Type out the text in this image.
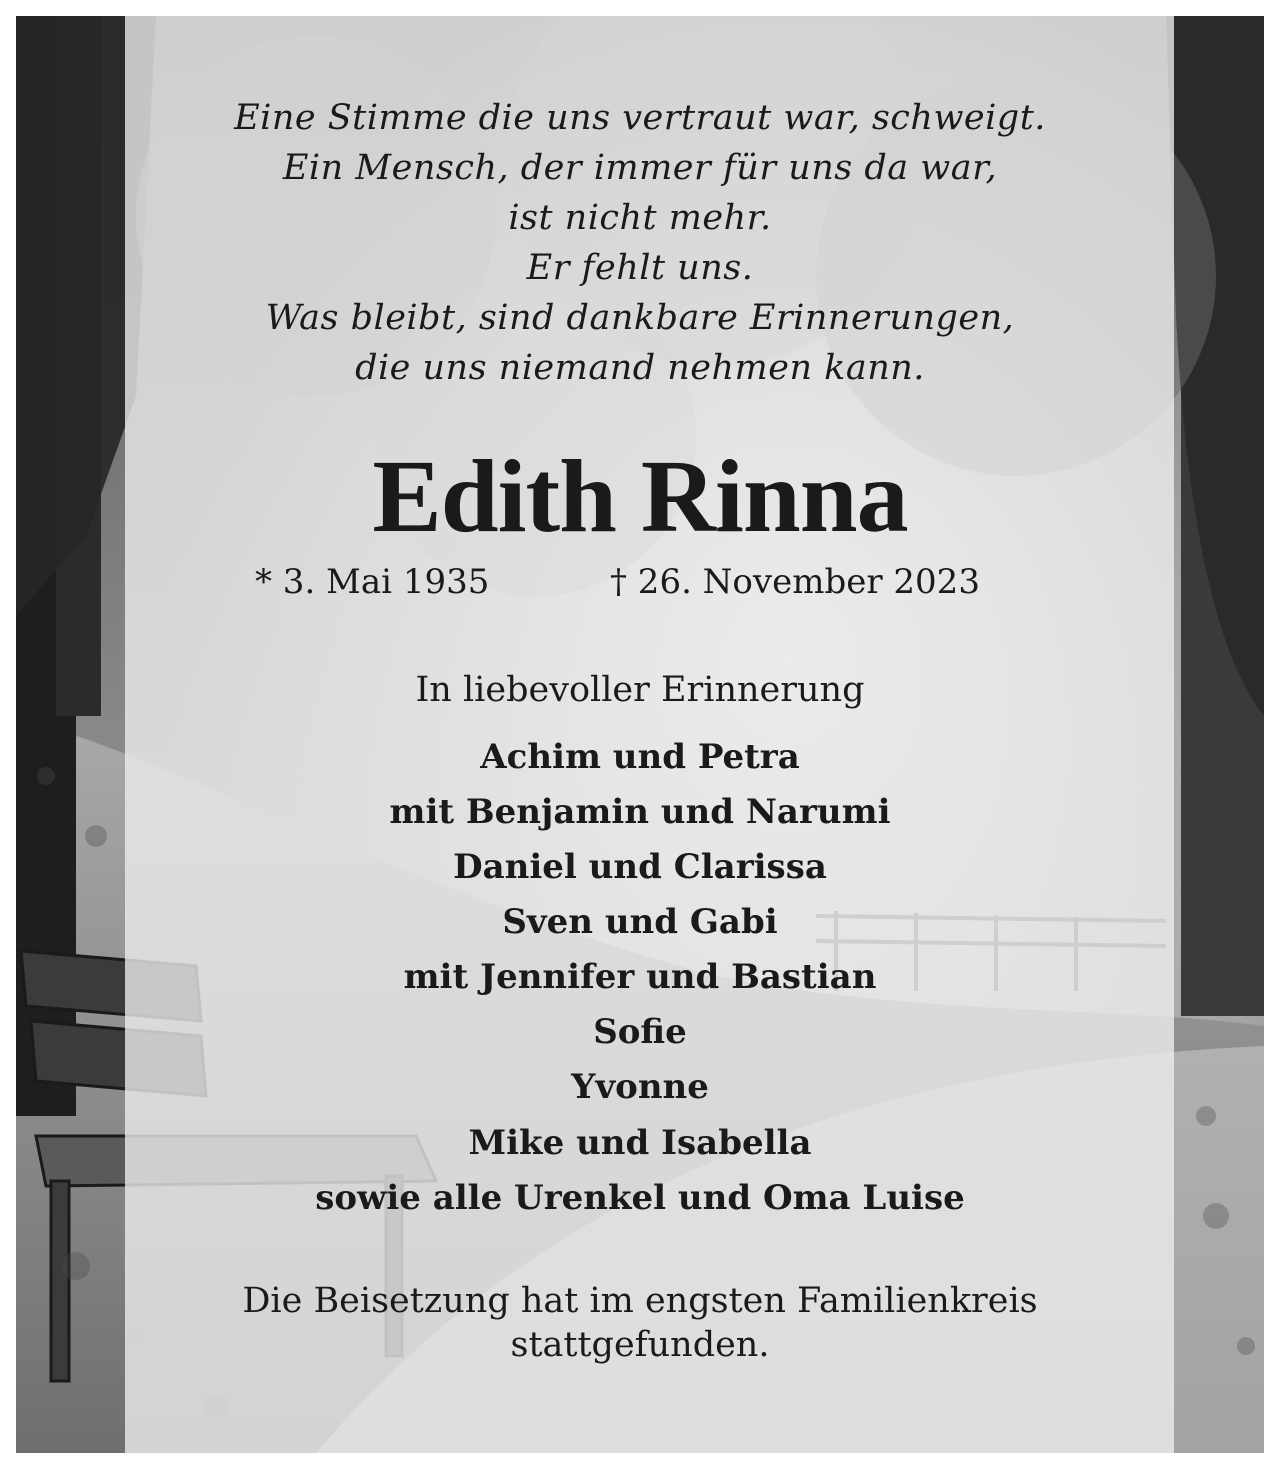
Eine Stimme die uns vertraut war, schweigt.
Ein Mensch, der immer für uns da war,
ist nicht mehr.
Er fehlt uns.
Was bleibt, sind dankbare Erinnerungen,
die uns niemand nehmen kann.
Edith Rinna
* 3. Mai 1935	† 26. November 2023
In liebevoller Erinnerung
Achim und Petra
mit Benjamin und Narumi
Daniel und Clarissa
Sven und Gabi
mit Jennifer und Bastian
Sofie
Yvonne
Mike und Isabella
sowie alle Urenkel und Oma Luise
Die Beisetzung hat im engsten Familienkreis
stattgefunden.
